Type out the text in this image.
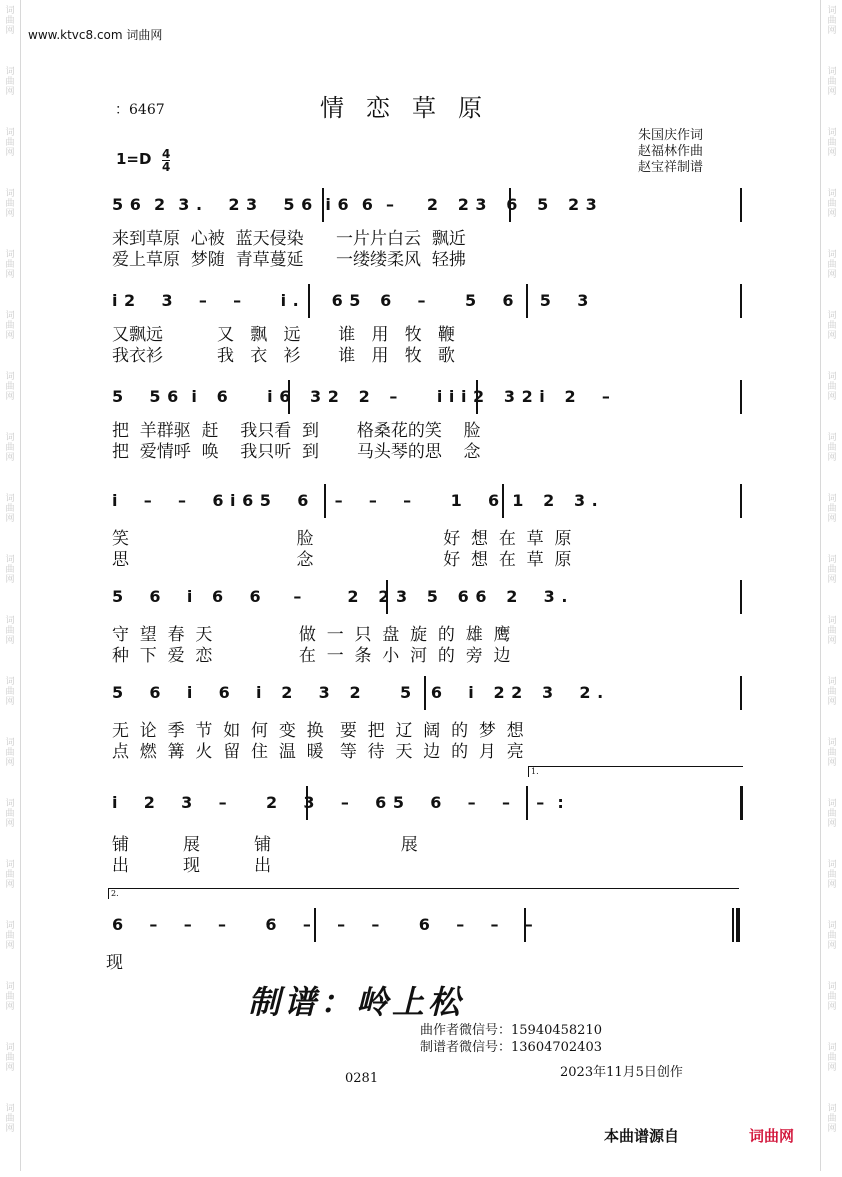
词
曲
网
词
曲
网
词
曲
网
词
曲
网
词
曲
网
词
曲
网
词
曲
网
词
曲
网
词
曲
网
词
曲
网
词
曲
网
词
曲
网
词
曲
网
词
曲
网
词
曲
网
词
曲
网
词
曲
网
词
曲
网
词
曲
网
词
曲
网
词
曲
网
词
曲
网
词
曲
网
词
曲
网
词
曲
网
词
曲
网
词
曲
网
词
曲
网
词
曲
网
词
曲
网
词
曲
网
词
曲
网
词
曲
网
词
曲
网
词
曲
网
词
曲
网
词
曲
网
词
曲
网
www.ktvc8.com 词曲网
：6467	情恋草原
朱国庆作词
赵福林作曲
赵宝祥制谱
1=D 4
4
5 6  2  3 .    2 3    5 6  i 6  6  –     2   2 3   6   5   2 3
来到草原  心被  蓝天侵染      一片片白云  飘近
爱上草原  梦随  青草蔓延      一缕缕柔风  轻拂
i 2    3    –    –      i .     6 5   6    –      5    6    5    3
又飘远          又   飘   远       谁   用   牧   鞭
我衣衫          我   衣   衫       谁   用   牧   歌
5    5 6  i   6      i 6   3 2   2   –      i i i 2   3 2 i   2    –
把  羊群驱  赶    我只看  到       格桑花的笑    脸
把  爱情呼  唤    我只听  到       马头琴的思    念
i    –    –    6 i 6 5    6    –    –    –      1    6  1   2   3 .
笑                               脸                        好  想  在  草  原
思                               念                        好  想  在  草  原
5    6    i   6    6     –       2   2 3   5   6 6   2    3 .
守  望  春  天                做  一  只  盘  旋  的  雄  鹰
种  下  爱  恋                在  一  条  小  河  的  旁  边
5    6    i    6    i   2    3   2      5   6    i   2 2   3    2 .
无  论  季  节  如  何  变  换   要  把  辽  阔  的  梦  想
点  燃  篝  火  留  住  温  暖   等  待  天  边  的  月  亮
1.
i    2    3    –      2    3    –    6 5    6    –    –    –  :
铺          展          铺                        展
出          现          出
2.
6    –    –    –      6    –    –    –      6    –    –    –
现
制谱：岭上松
曲作者微信号：15940458210
制谱者微信号：13604702403
2023年11月5日创作
0281
本曲谱源自	词曲网
